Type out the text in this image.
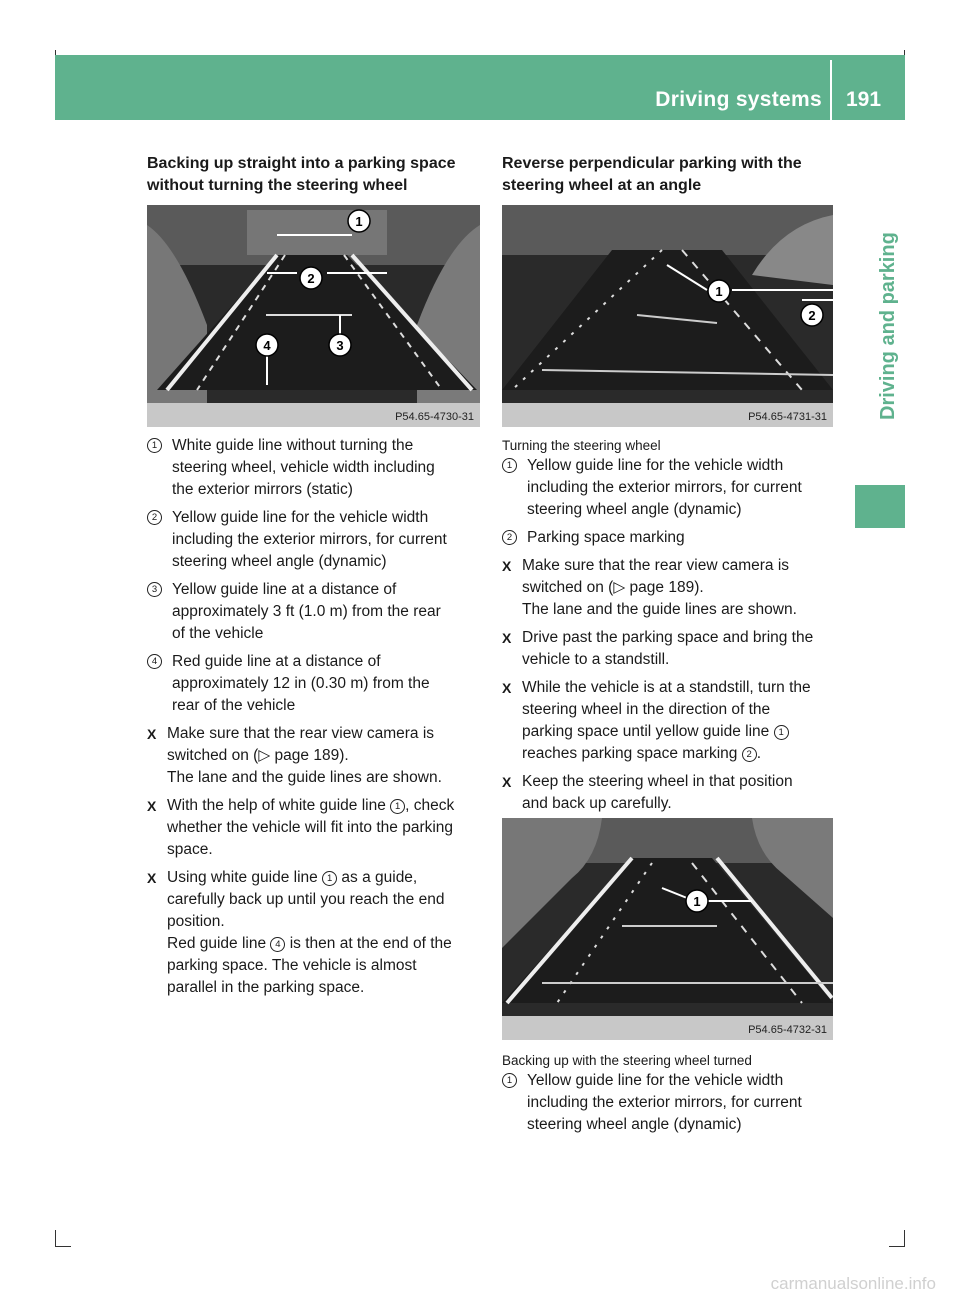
Driving systems 191
Driving and parking

Backing up straight into a parking space
without turning the steering wheel

1
2
3
4
P54.65-4730-31
1 White guide line without turning the
steering wheel, vehicle width including
the exterior mirrors (static)
2 Yellow guide line for the vehicle width
including the exterior mirrors, for current
steering wheel angle (dynamic)
3 Yellow guide line at a distance of
approximately 3 ft (1.0 m) from the rear
of the vehicle
4 Red guide line at a distance of
approximately 12 in (0.30 m) from the
rear of the vehicle
X Make sure that the rear view camera is
switched on (▷ page 189).
The lane and the guide lines are shown.
X With the help of white guide line 1 , check
whether the vehicle will fit into the parking
space.
X Using white guide line 1 as a guide,
carefully back up until you reach the end
position.
Red guide line 4 is then at the end of the
parking space. The vehicle is almost
parallel in the parking space.

Reverse perpendicular parking with the
steering wheel at an angle

1
2
P54.65-4731-31

Turning the steering wheel

1 Yellow guide line for the vehicle width
including the exterior mirrors, for current
steering wheel angle (dynamic)
2 Parking space marking
X Make sure that the rear view camera is
switched on (▷ page 189).
The lane and the guide lines are shown.
X Drive past the parking space and bring the
vehicle to a standstill.
X While the vehicle is at a standstill, turn the
steering wheel in the direction of the
parking space until yellow guide line 1
reaches parking space marking 2 .
X Keep the steering wheel in that position
and back up carefully.
1
P54.65-4732-31

Backing up with the steering wheel turned

1 Yellow guide line for the vehicle width
including the exterior mirrors, for current
steering wheel angle (dynamic)
carmanualsonline.info
